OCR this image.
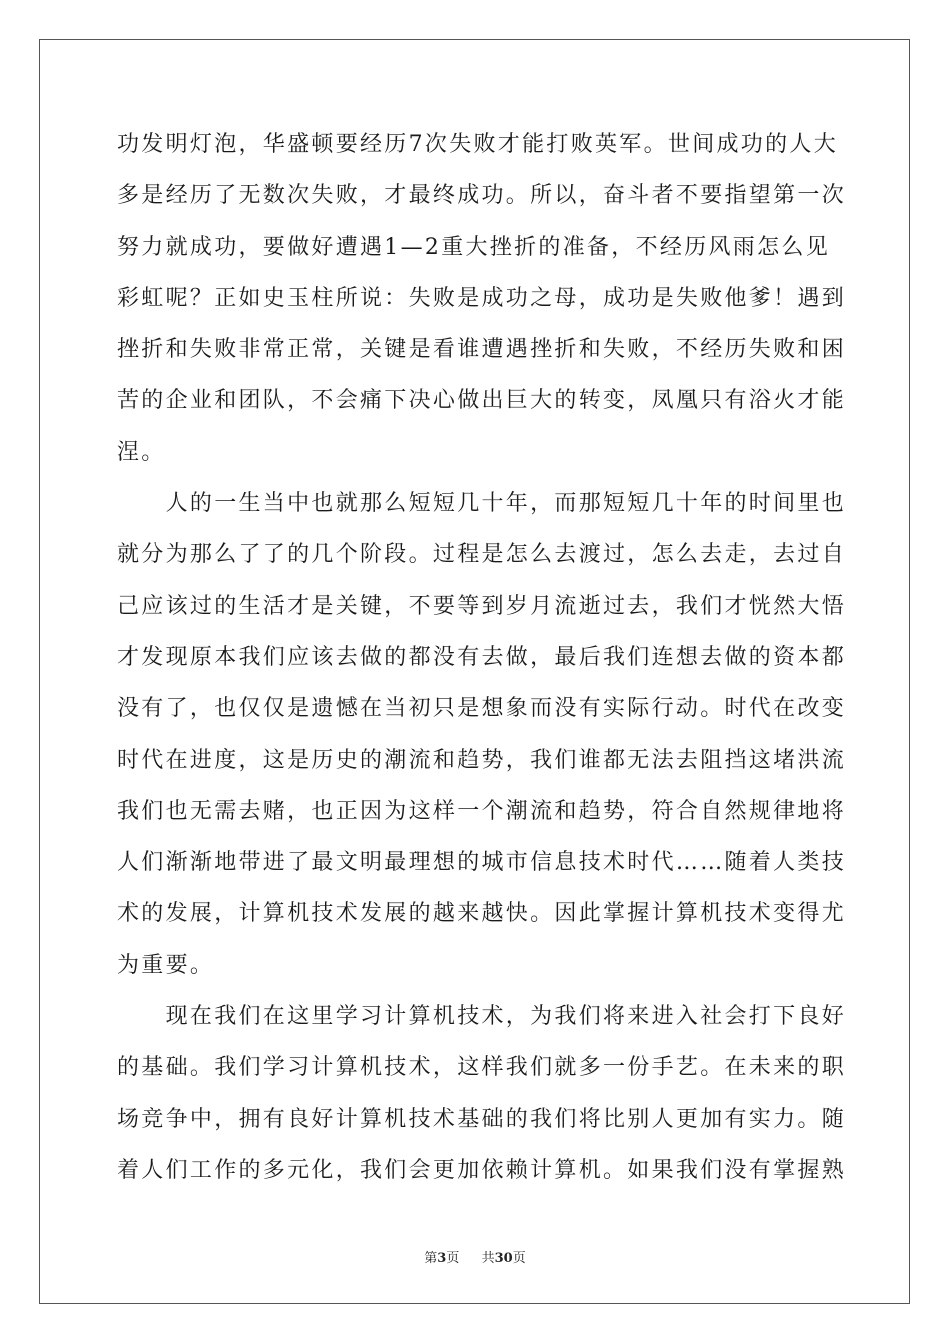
功发明灯泡，华盛顿要经历7次失败才能打败英军。世间成功的人大
多是经历了无数次失败，才最终成功。所以，奋斗者不要指望第一次
努力就成功，要做好遭遇1—2重大挫折的准备，不经历风雨怎么见
彩虹呢？正如史玉柱所说：失败是成功之母，成功是失败他爹！遇到
挫折和失败非常正常，关键是看谁遭遇挫折和失败，不经历失败和困
苦的企业和团队，不会痛下决心做出巨大的转变，凤凰只有浴火才能
涅。
　　人的一生当中也就那么短短几十年，而那短短几十年的时间里也
就分为那么了了的几个阶段。过程是怎么去渡过，怎么去走，去过自
己应该过的生活才是关键，不要等到岁月流逝过去，我们才恍然大悟
才发现原本我们应该去做的都没有去做，最后我们连想去做的资本都
没有了，也仅仅是遗憾在当初只是想象而没有实际行动。时代在改变
时代在进度，这是历史的潮流和趋势，我们谁都无法去阻挡这堵洪流
我们也无需去赌，也正因为这样一个潮流和趋势，符合自然规律地将
人们渐渐地带进了最文明最理想的城市信息技术时代……随着人类技
术的发展，计算机技术发展的越来越快。因此掌握计算机技术变得尤
为重要。
　　现在我们在这里学习计算机技术，为我们将来进入社会打下良好
的基础。我们学习计算机技术，这样我们就多一份手艺。在未来的职
场竞争中，拥有良好计算机技术基础的我们将比别人更加有实力。随
着人们工作的多元化，我们会更加依赖计算机。如果我们没有掌握熟
第3页 共30页
